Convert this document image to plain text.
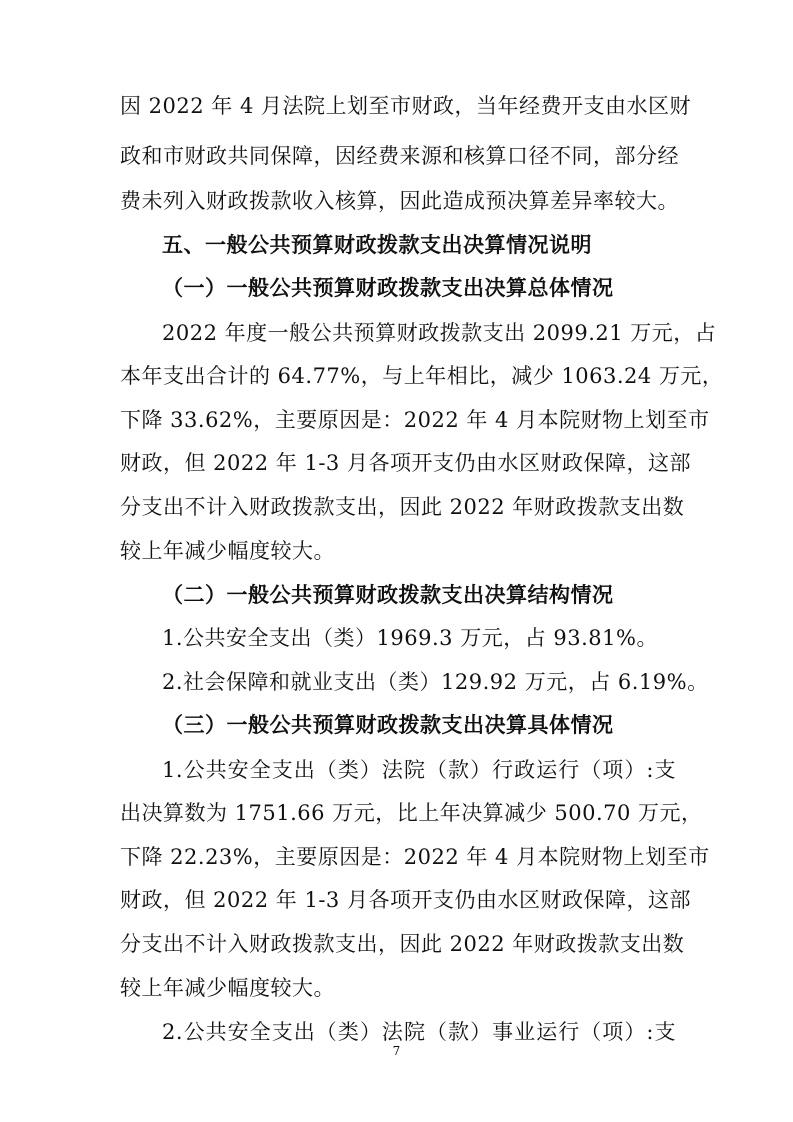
因 2022 年 4 月法院上划至市财政，当年经费开支由水区财
政和市财政共同保障，因经费来源和核算口径不同，部分经
费未列入财政拨款收入核算，因此造成预决算差异率较大。
五、一般公共预算财政拨款支出决算情况说明
（一）一般公共预算财政拨款支出决算总体情况
2022 年度一般公共预算财政拨款支出 2099.21 万元，占
本年支出合计的 64.77%，与上年相比，减少 1063.24 万元，
下降 33.62%，主要原因是：2022 年 4 月本院财物上划至市
财政，但 2022 年 1-3 月各项开支仍由水区财政保障，这部
分支出不计入财政拨款支出，因此 2022 年财政拨款支出数
较上年减少幅度较大。
（二）一般公共预算财政拨款支出决算结构情况
1.公共安全支出（类）1969.3 万元，占 93.81%。
2.社会保障和就业支出（类）129.92 万元，占 6.19%。
（三）一般公共预算财政拨款支出决算具体情况
1.公共安全支出（类）法院（款）行政运行（项）:支
出决算数为 1751.66 万元，比上年决算减少 500.70 万元，
下降 22.23%，主要原因是：2022 年 4 月本院财物上划至市
财政，但 2022 年 1-3 月各项开支仍由水区财政保障，这部
分支出不计入财政拨款支出，因此 2022 年财政拨款支出数
较上年减少幅度较大。
2.公共安全支出（类）法院（款）事业运行（项）:支
7
